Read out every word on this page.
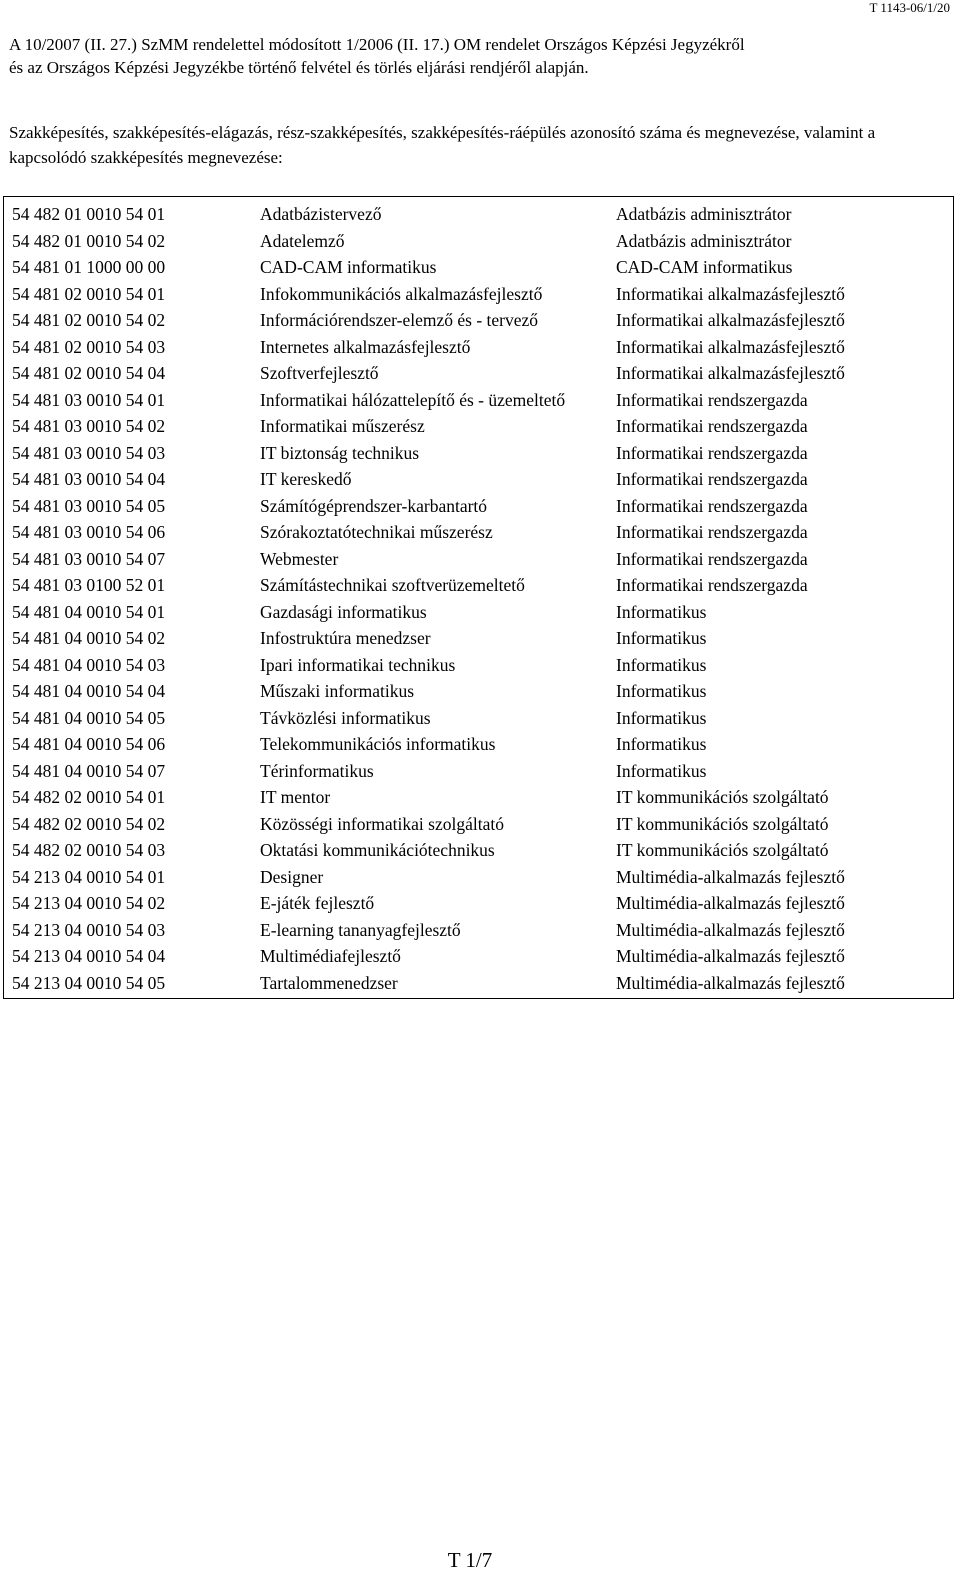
T 1143-06/1/20

A 10/2007 (II. 27.) SzMM rendelettel módosított 1/2006 (II. 17.) OM rendelet Országos Képzési Jegyzékről
és az Országos Képzési Jegyzékbe történő felvétel és törlés eljárási rendjéről alapján.

Szakképesítés, szakképesítés-elágazás, rész-szakképesítés, szakképesítés-ráépülés azonosító száma és megnevezése, valamint a kapcsolódó szakképesítés megnevezése:

54 482 01 0010 54 01	Adatbázistervező	Adatbázis adminisztrátor
54 482 01 0010 54 02	Adatelemző	Adatbázis adminisztrátor
54 481 01 1000 00 00	CAD-CAM informatikus	CAD-CAM informatikus
54 481 02 0010 54 01	Infokommunikációs alkalmazásfejlesztő	Informatikai alkalmazásfejlesztő
54 481 02 0010 54 02	Információrendszer-elemző és - tervező	Informatikai alkalmazásfejlesztő
54 481 02 0010 54 03	Internetes alkalmazásfejlesztő	Informatikai alkalmazásfejlesztő
54 481 02 0010 54 04	Szoftverfejlesztő	Informatikai alkalmazásfejlesztő
54 481 03 0010 54 01	Informatikai hálózattelepítő és - üzemeltető	Informatikai rendszergazda
54 481 03 0010 54 02	Informatikai műszerész	Informatikai rendszergazda
54 481 03 0010 54 03	IT biztonság technikus	Informatikai rendszergazda
54 481 03 0010 54 04	IT kereskedő	Informatikai rendszergazda
54 481 03 0010 54 05	Számítógéprendszer-karbantartó	Informatikai rendszergazda
54 481 03 0010 54 06	Szórakoztatótechnikai műszerész	Informatikai rendszergazda
54 481 03 0010 54 07	Webmester	Informatikai rendszergazda
54 481 03 0100 52 01	Számítástechnikai szoftverüzemeltető	Informatikai rendszergazda
54 481 04 0010 54 01	Gazdasági informatikus	Informatikus
54 481 04 0010 54 02	Infostruktúra menedzser	Informatikus
54 481 04 0010 54 03	Ipari informatikai technikus	Informatikus
54 481 04 0010 54 04	Műszaki informatikus	Informatikus
54 481 04 0010 54 05	Távközlési informatikus	Informatikus
54 481 04 0010 54 06	Telekommunikációs informatikus	Informatikus
54 481 04 0010 54 07	Térinformatikus	Informatikus
54 482 02 0010 54 01	IT mentor	IT kommunikációs szolgáltató
54 482 02 0010 54 02	Közösségi informatikai szolgáltató	IT kommunikációs szolgáltató
54 482 02 0010 54 03	Oktatási kommunikációtechnikus	IT kommunikációs szolgáltató
54 213 04 0010 54 01	Designer	Multimédia-alkalmazás fejlesztő
54 213 04 0010 54 02	E-játék fejlesztő	Multimédia-alkalmazás fejlesztő
54 213 04 0010 54 03	E-learning tananyagfejlesztő	Multimédia-alkalmazás fejlesztő
54 213 04 0010 54 04	Multimédiafejlesztő	Multimédia-alkalmazás fejlesztő
54 213 04 0010 54 05	Tartalommenedzser	Multimédia-alkalmazás fejlesztő
T 1/7
